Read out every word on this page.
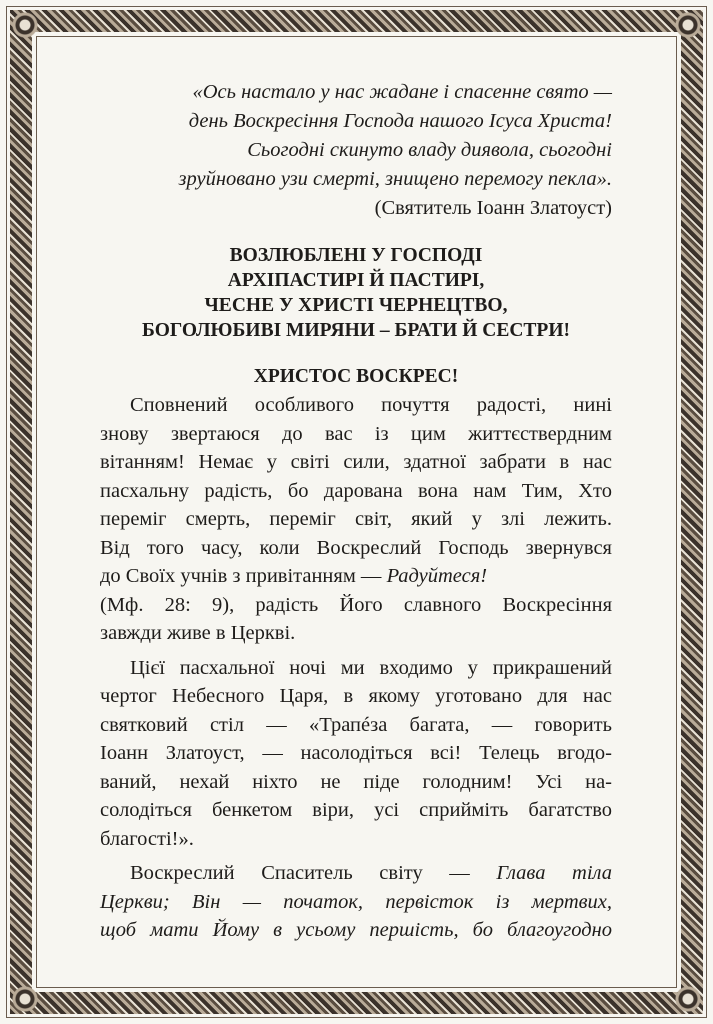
«Ось настало у нас жадане і спасенне свято —
день Воскресіння Господа нашого Ісуса Христа!
Сьогодні скинуто владу диявола, сьогодні
зруйновано узи смерті, знищено перемогу пекла».

(Святитель Іоанн Златоуст)

ВОЗЛЮБЛЕНІ У ГОСПОДІ
АРХІПАСТИРІ Й ПАСТИРІ,
ЧЕСНЕ У ХРИСТІ ЧЕРНЕЦТВО,
БОГОЛЮБИВІ МИРЯНИ – БРАТИ Й СЕСТРИ!

ХРИСТОС ВОСКРЕС!

Сповнений особливого почуття радості, нині
знову звертаюся до вас із цим життєствердним
вітанням! Немає у світі сили, здатної забрати в нас
пасхальну радість, бо дарована вона нам Тим, Хто
переміг смерть, переміг світ, який у злі лежить.
Від того часу, коли Воскреслий Господь звернувся
до Своїх учнів з привітанням — Радуйтеся!
(Мф. 28: 9), радість Його славного Воскресіння
завжди живе в Церкві.
Цієї пасхальної ночі ми входимо у прикрашений
чертог Небесного Царя, в якому уготовано для нас
святковий стіл — «Трапéза багата, — говорить
Іоанн Златоуст, — насолодіться всі! Телець вгодо-
ваний, нехай ніхто не піде голодним! Усі на-
солодіться бенкетом віри, усі сприйміть багатство
благості!».
Воскреслий Спаситель світу — Глава тіла
Церкви; Він — початок, первісток із мертвих,
щоб мати Йому в усьому першість, бо благоугодно
